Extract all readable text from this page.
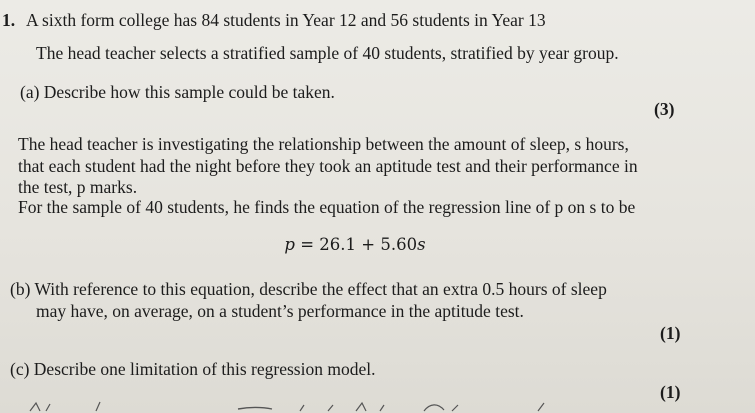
1. A sixth form college has 84 students in Year 12 and 56 students in Year 13
The head teacher selects a stratified sample of 40 students, stratified by year group.
(a) Describe how this sample could be taken.
(3)
The head teacher is investigating the relationship between the amount of sleep, s hours,
that each student had the night before they took an aptitude test and their performance in
the test, p marks.
For the sample of 40 students, he finds the equation of the regression line of p on s to be
p = 26.1 + 5.60s
(b) With reference to this equation, describe the effect that an extra 0.5 hours of sleep
may have, on average, on a student’s performance in the aptitude test.
(1)
(c) Describe one limitation of this regression model.
(1)
